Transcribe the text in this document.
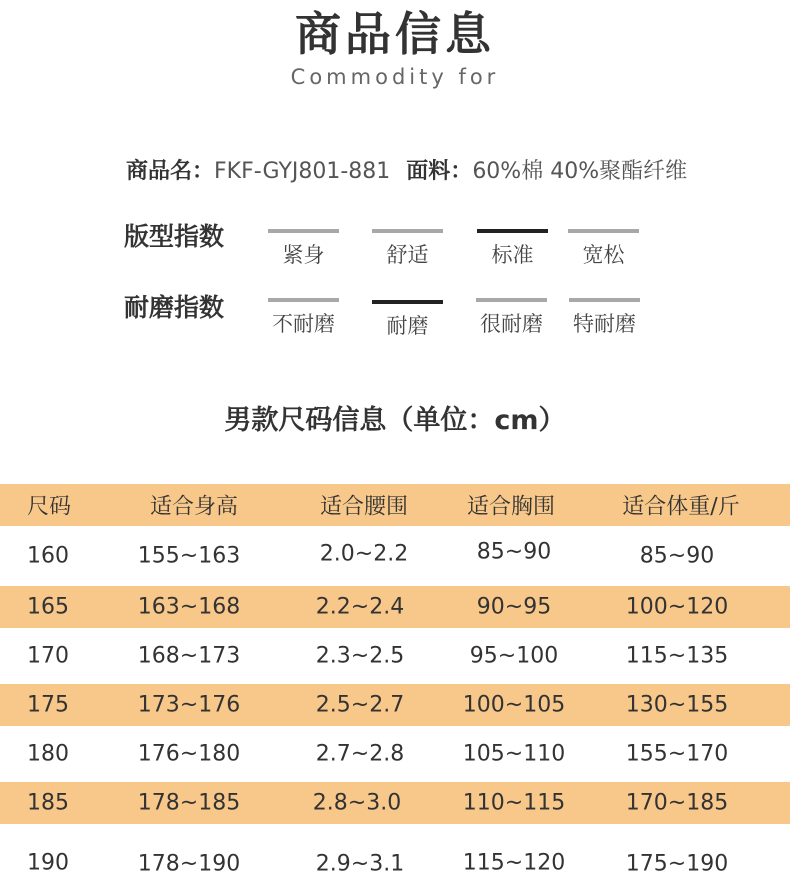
商品信息
Commodity for
商品名：FKF-GYJ801-881 面料：60%棉 40%聚酯纤维
版型指数
紧身	舒适	标准	宽松
耐磨指数
不耐磨	耐磨	很耐磨 特耐磨
男款尺码信息（单位：cm）
尺码	适合身高	适合腰围	适合胸围	适合体重/斤
160	155~163	2.0~2.2	85~90	85~90
165	163~168	2.2~2.4	90~95	100~120
170	168~173	2.3~2.5	95~100	115~135
175	173~176	2.5~2.7	100~105	130~155
180	176~180	2.7~2.8	105~110	155~170
185	178~185	2.8~3.0	110~115	170~185
190	178~190	2.9~3.1	115~120	175~190
